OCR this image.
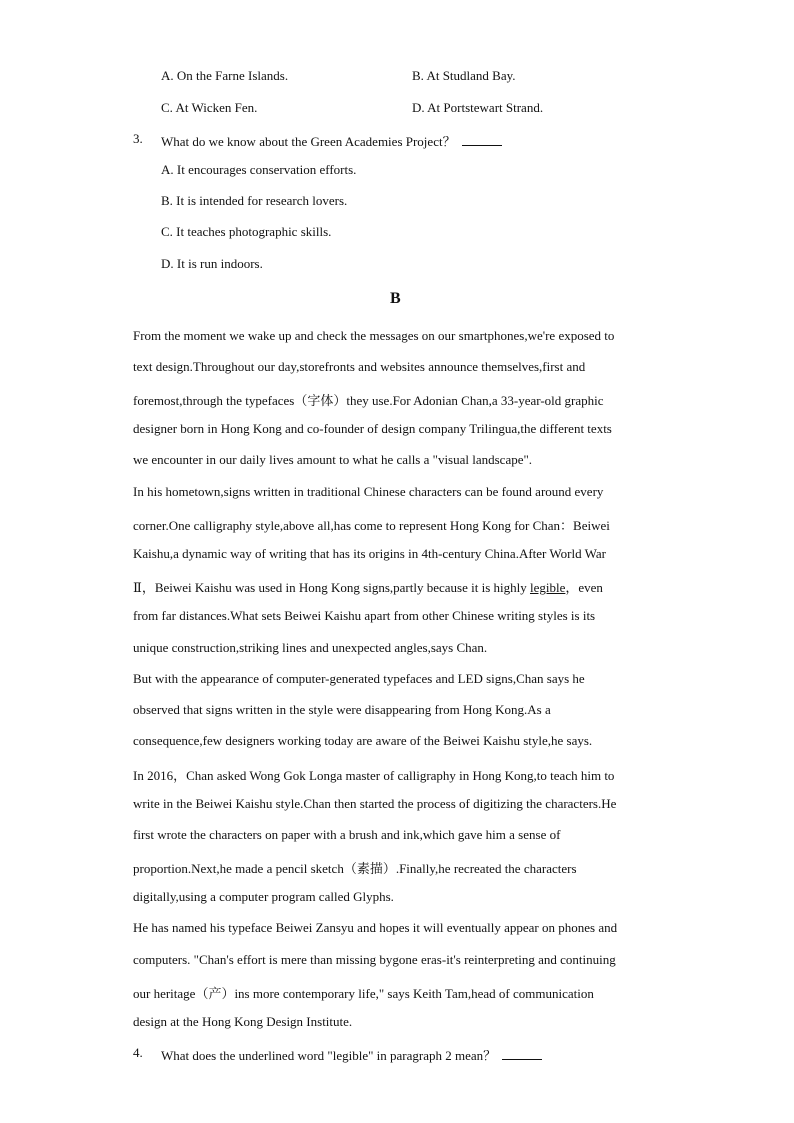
A. On the Farne Islands.	B. At Studland Bay.
C. At Wicken Fen.	D. At Portstewart Strand.
3. What do we know about the Green Academies Project？
A. It encourages conservation efforts.
B. It is intended for research lovers.
C. It teaches photographic skills.
D. It is run indoors.
B
From the moment we wake up and check the messages on our smartphones,we're exposed to
text design.Throughout our day,storefronts and websites announce themselves,first and
foremost,through the typefaces（字体）they use.For Adonian Chan,a 33-year-old graphic
designer born in Hong Kong and co-founder of design company Trilingua,the different texts
we encounter in our daily lives amount to what he calls a "visual landscape".
In his hometown,signs written in traditional Chinese characters can be found around every
corner.One calligraphy style,above all,has come to represent Hong Kong for Chan：Beiwei
Kaishu,a dynamic way of writing that has its origins in 4th-century China.After World War
Ⅱ，Beiwei Kaishu was used in Hong Kong signs,partly because it is highly legible，even
from far distances.What sets Beiwei Kaishu apart from other Chinese writing styles is its
unique construction,striking lines and unexpected angles,says Chan.
But with the appearance of computer-generated typefaces and LED signs,Chan says he
observed that signs written in the style were disappearing from Hong Kong.As a
consequence,few designers working today are aware of the Beiwei Kaishu style,he says.
In 2016，Chan asked Wong Gok Longa master of calligraphy in Hong Kong,to teach him to
write in the Beiwei Kaishu style.Chan then started the process of digitizing the characters.He
first wrote the characters on paper with a brush and ink,which gave him a sense of
proportion.Next,he made a pencil sketch（素描）.Finally,he recreated the characters
digitally,using a computer program called Glyphs.
He has named his typeface Beiwei Zansyu and hopes it will eventually appear on phones and
computers. "Chan's effort is mere than missing bygone eras-it's reinterpreting and continuing
our heritage（产）ins more contemporary life," says Keith Tam,head of communication
design at the Hong Kong Design Institute.
4. What does the underlined word "legible" in paragraph 2 mean？
